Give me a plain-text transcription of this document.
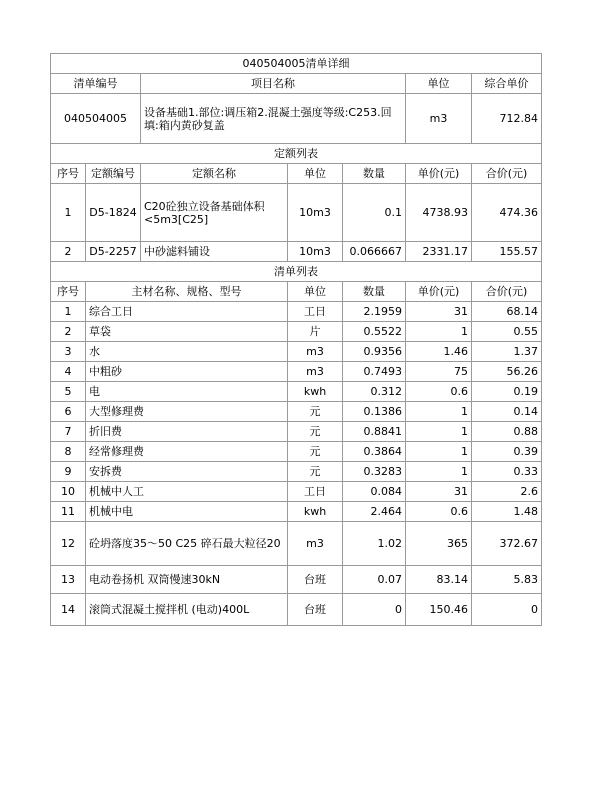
040504005清单详细						
清单编号		项目名称			单位	综合单价
040504005		设备基础1.部位:调压箱2.混凝土强度等级:C253.回填:箱内黄砂复盖			m3	712.84
定额列表						
序号	定额编号	定额名称	单位	数量	单价(元)	合价(元)
1	D5-1824	C20砼独立设备基础体积<5m3[C25]	10m3	0.1	4738.93	474.36
2	D5-2257	中砂滤料铺设	10m3	0.066667	2331.17	155.57
清单列表						
序号	主材名称、规格、型号		单位	数量	单价(元)	合价(元)
1	综合工日		工日	2.1959	31	68.14
2	草袋		片	0.5522	1	0.55
3	水		m3	0.9356	1.46	1.37
4	中粗砂		m3	0.7493	75	56.26
5	电		kwh	0.312	0.6	0.19
6	大型修理费		元	0.1386	1	0.14
7	折旧费		元	0.8841	1	0.88
8	经常修理费		元	0.3864	1	0.39
9	安拆费		元	0.3283	1	0.33
10	机械中人工		工日	0.084	31	2.6
11	机械中电		kwh	2.464	0.6	1.48
12	砼坍落度35～50 C25 碎石最大粒径20		m3	1.02	365	372.67
13	电动卷扬机 双筒慢速30kN		台班	0.07	83.14	5.83
14	滚筒式混凝土搅拌机 (电动)400L		台班	0	150.46	0
